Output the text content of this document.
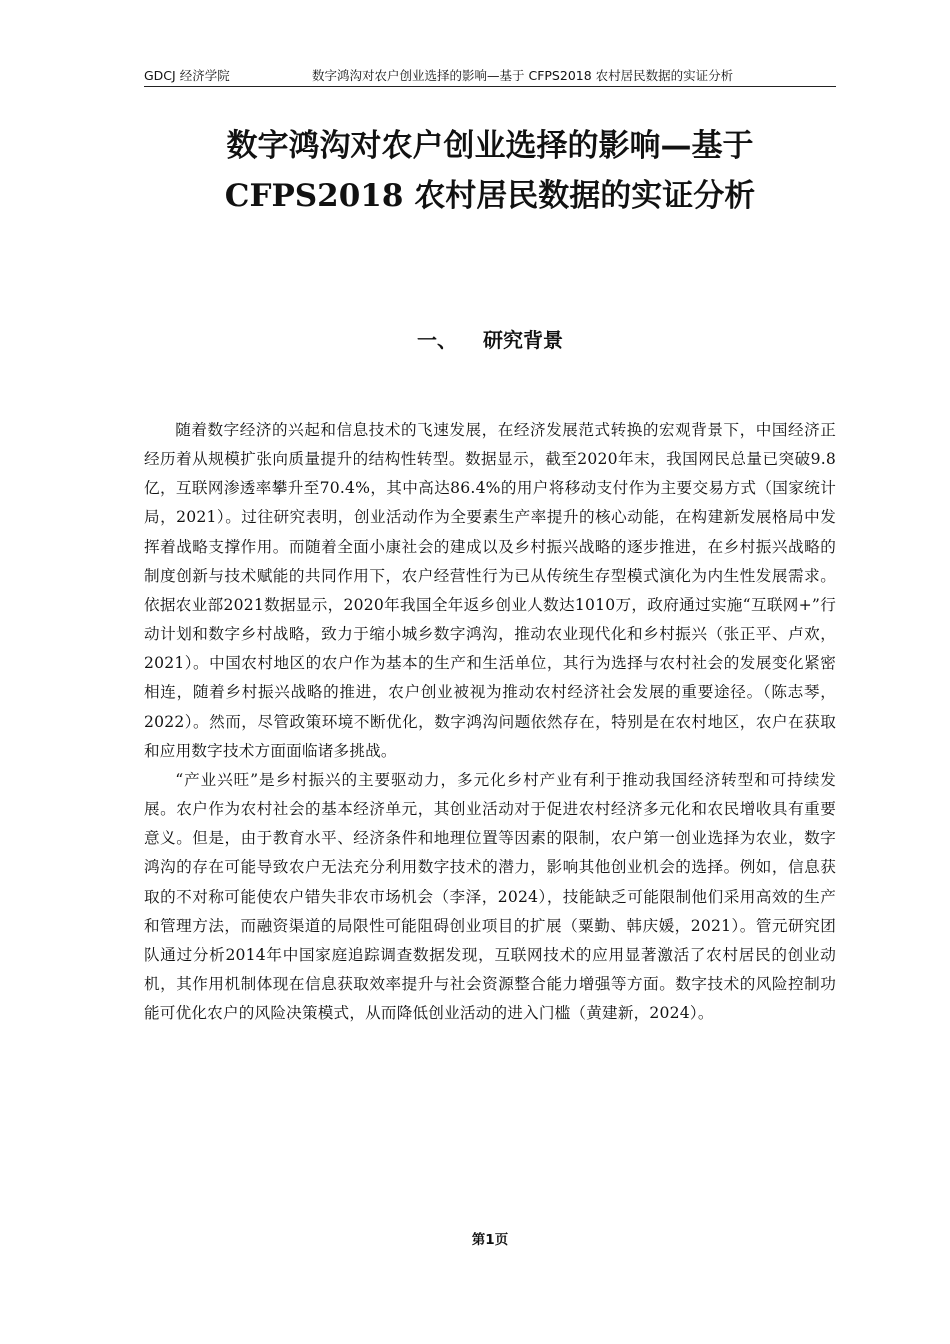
GDCJ 经济学院	数字鸿沟对农户创业选择的影响—基于 CFPS2018 农村居民数据的实证分析
数字鸿沟对农户创业选择的影响—基于
CFPS2018 农村居民数据的实证分析
一、 研究背景

随着数字经济的兴起和信息技术的飞速发展，在经济发展范式转换的宏观背景下，中国经济正经历着从规模扩张向质量提升的结构性转型。数据显示，截至2020年末，我国网民总量已突破9.8亿，互联网渗透率攀升至70.4%，其中高达86.4%的用户将移动支付作为主要交易方式（国家统计局，2021）。过往研究表明，创业活动作为全要素生产率提升的核心动能，在构建新发展格局中发挥着战略支撑作用。而随着全面小康社会的建成以及乡村振兴战略的逐步推进，在乡村振兴战略的制度创新与技术赋能的共同作用下，农户经营性行为已从传统生存型模式演化为内生性发展需求。依据农业部2021数据显示，2020年我国全年返乡创业人数达1010万，政府通过实施“互联网+”行动计划和数字乡村战略，致力于缩小城乡数字鸿沟，推动农业现代化和乡村振兴（张正平、卢欢，2021）。中国农村地区的农户作为基本的生产和生活单位，其行为选择与农村社会的发展变化紧密相连，随着乡村振兴战略的推进，农户创业被视为推动农村经济社会发展的重要途径。（陈志琴，2022）。然而，尽管政策环境不断优化，数字鸿沟问题依然存在，特别是在农村地区，农户在获取和应用数字技术方面面临诸多挑战。

“产业兴旺”是乡村振兴的主要驱动力，多元化乡村产业有利于推动我国经济转型和可持续发展。农户作为农村社会的基本经济单元，其创业活动对于促进农村经济多元化和农民增收具有重要意义。但是，由于教育水平、经济条件和地理位置等因素的限制，农户第一创业选择为农业，数字鸿沟的存在可能导致农户无法充分利用数字技术的潜力，影响其他创业机会的选择。例如，信息获取的不对称可能使农户错失非农市场机会（李泽，2024），技能缺乏可能限制他们采用高效的生产和管理方法，而融资渠道的局限性可能阻碍创业项目的扩展（粟勤、韩庆媛，2021）。管元研究团队通过分析2014年中国家庭追踪调查数据发现，互联网技术的应用显著激活了农村居民的创业动机，其作用机制体现在信息获取效率提升与社会资源整合能力增强等方面。数字技术的风险控制功能可优化农户的风险决策模式，从而降低创业活动的进入门槛（黄建新，2024）。

第1页
